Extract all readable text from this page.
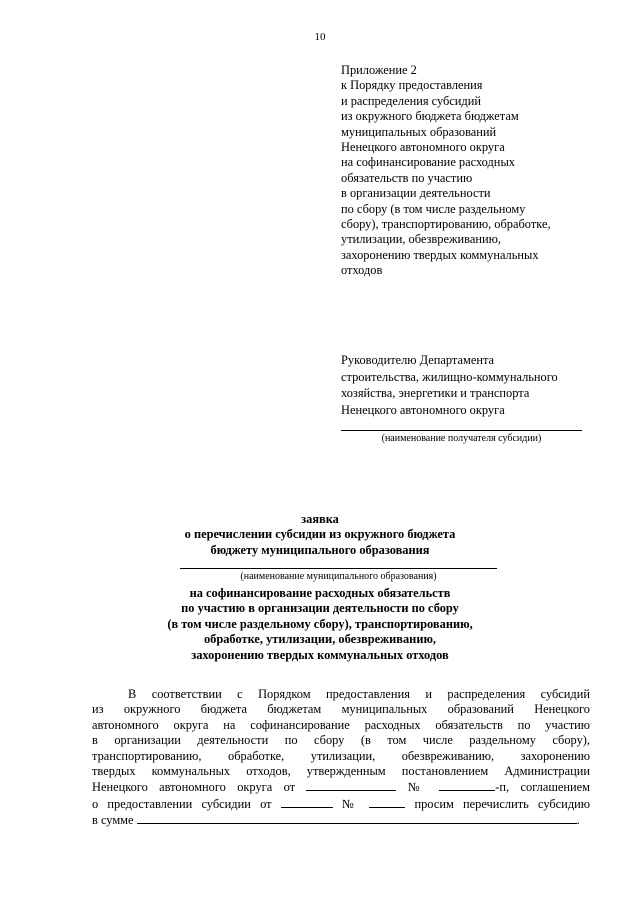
10
Приложение 2
к Порядку предоставления
и распределения субсидий
из окружного бюджета бюджетам
муниципальных образований
Ненецкого автономного округа
на софинансирование расходных
обязательств по участию
в организации деятельности
по сбору (в том числе раздельному
сбору), транспортированию, обработке,
утилизации, обезвреживанию,
захоронению твердых коммунальных
отходов
Руководителю Департамента
строительства, жилищно-коммунального
хозяйства, энергетики и транспорта
Ненецкого автономного округа
(наименование получателя субсидии)
заявка
о перечислении субсидии из окружного бюджета
бюджету муниципального образования
(наименование муниципального образования)
на софинансирование расходных обязательств
по участию в организации деятельности по сбору
(в том числе раздельному сбору), транспортированию,
обработке, утилизации, обезвреживанию,
захоронению твердых коммунальных отходов
В соответствии с Порядком предоставления и распределения субсидий
из окружного бюджета бюджетам муниципальных образований Ненецкого
автономного округа на софинансирование расходных обязательств по участию
в организации деятельности по сбору (в том числе раздельному сбору),
транспортированию, обработке, утилизации, обезвреживанию, захоронению
твердых коммунальных отходов, утвержденным постановлением Администрации
Ненецкого автономного округа от	№	-п, соглашением
о предоставлении субсидии от	№	просим перечислить субсидию
в сумме	.
